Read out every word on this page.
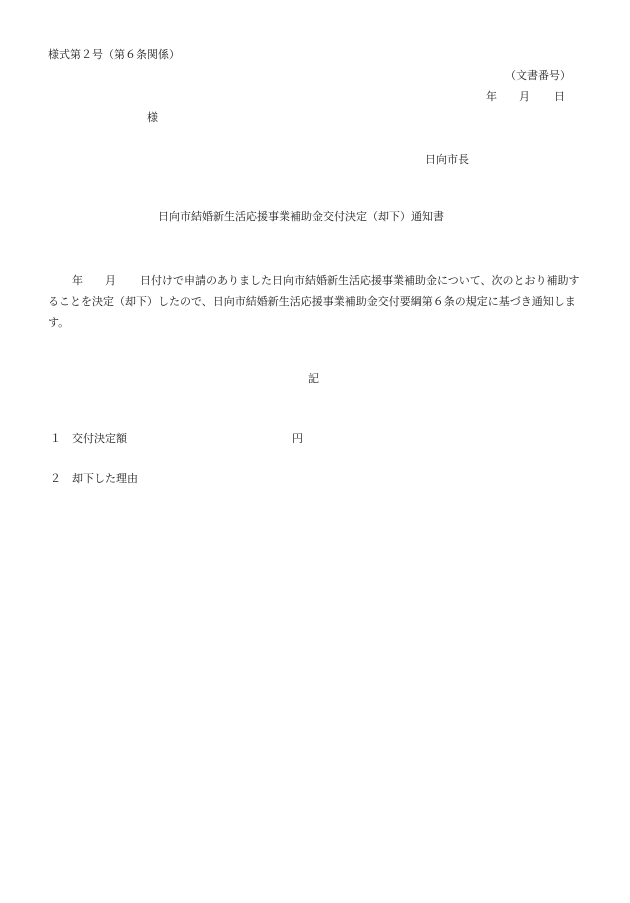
様式第２号（第６条関係）
（文書番号）
年 月 日
様
日向市長
日向市結婚新生活応援事業補助金交付決定（却下）通知書
年 月 日付けで申請のありました日向市結婚新生活応援事業補助金について、次のとおり補助することを決定（却下）したので、日向市結婚新生活応援事業補助金交付要綱第６条の規定に基づき通知します。
記
１ 交付決定額	円
２ 却下した理由
